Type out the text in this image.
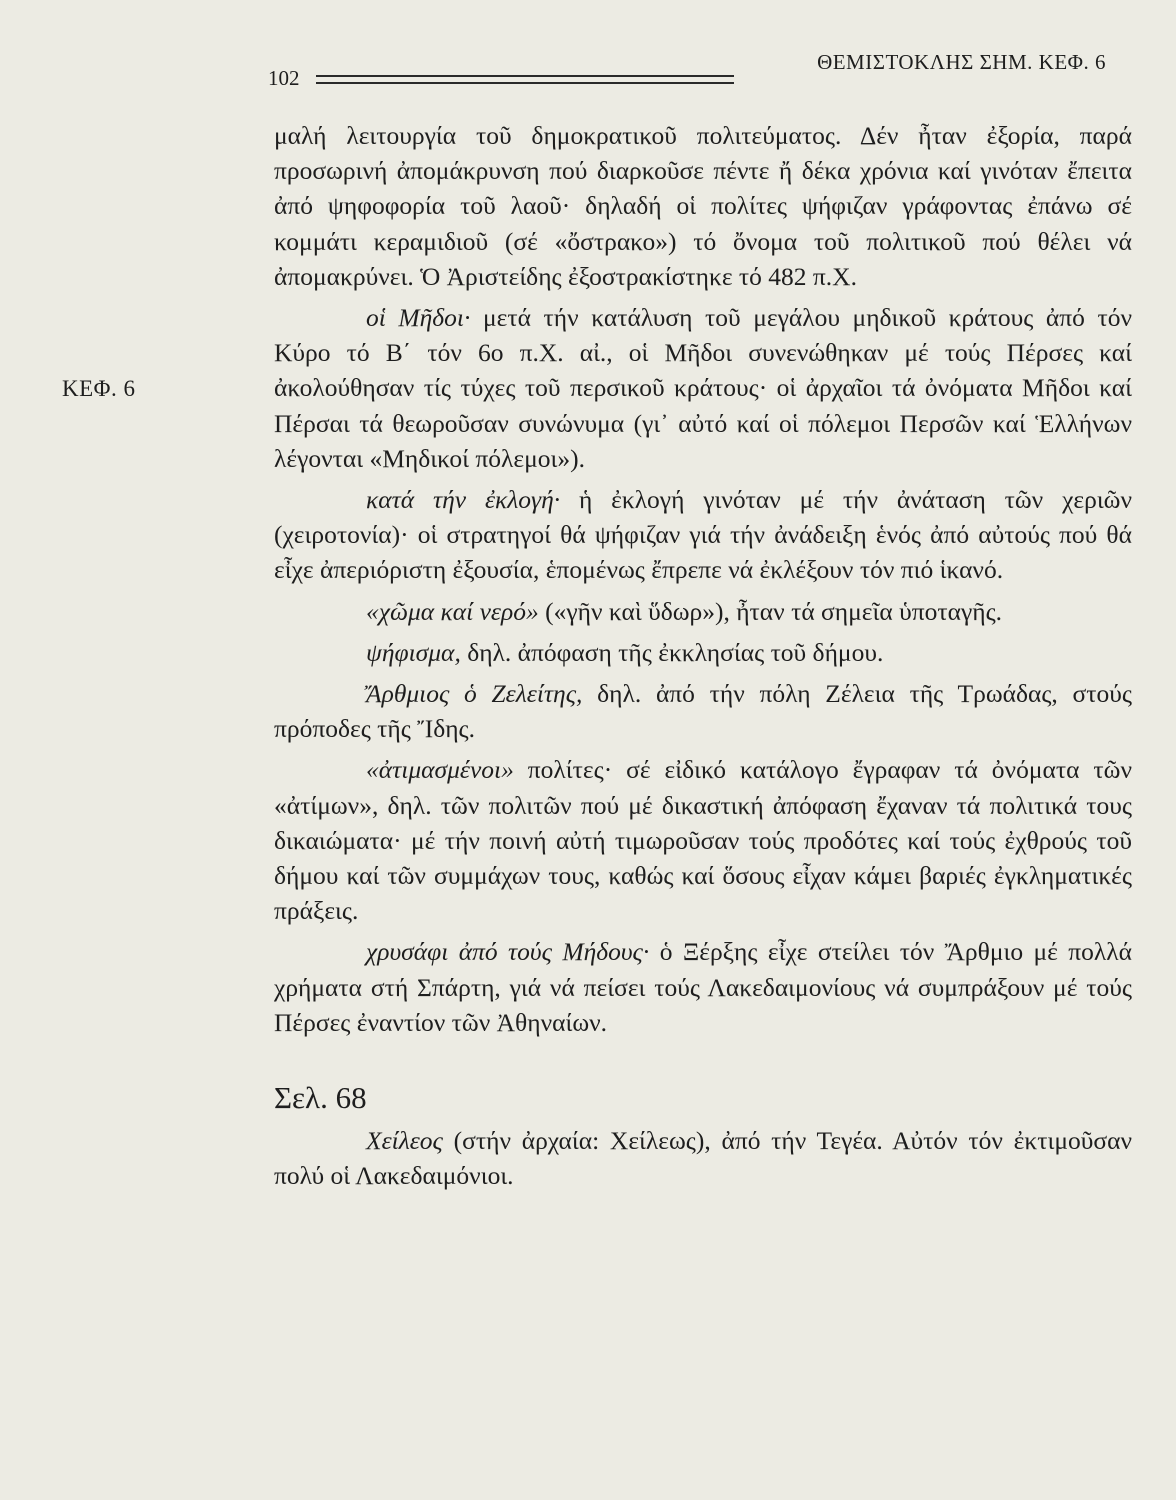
102
ΘΕΜΙΣΤΟΚΛΗΣ ΣΗΜ. ΚΕΦ. 6
ΚΕΦ. 6

μαλή λειτουργία τοῦ δημοκρατικοῦ πολιτεύματος. Δέν ἦταν ἐξορία, παρά προσωρινή ἀπομάκρυνση πού διαρκοῦσε πέντε ἤ δέκα χρόνια καί γινόταν ἔπειτα ἀπό ψηφοφορία τοῦ λαοῦ· δηλαδή οἱ πολίτες ψήφιζαν γράφοντας ἐπάνω σέ κομμάτι κεραμιδιοῦ (σέ «ὄστρακο») τό ὄνομα τοῦ πολιτικοῦ πού θέλει νά ἀπομακρύνει. Ὁ Ἀριστείδης ἐξοστρακίστηκε τό 482 π.Χ.

οἱ Μῆδοι· μετά τήν κατάλυση τοῦ μεγάλου μηδικοῦ κράτους ἀπό τόν Κύρο τό Β΄ τόν 6ο π.Χ. αἰ., οἱ Μῆδοι συνενώθηκαν μέ τούς Πέρσες καί ἀκολούθησαν τίς τύχες τοῦ περσικοῦ κράτους· οἱ ἀρχαῖοι τά ὀνόματα Μῆδοι καί Πέρσαι τά θεωροῦσαν συνώνυμα (γι᾽ αὐτό καί οἱ πόλεμοι Περσῶν καί Ἑλλήνων λέγονται «Μηδικοί πόλεμοι»).

κατά τήν ἐκλογή· ἡ ἐκλογή γινόταν μέ τήν ἀνάταση τῶν χεριῶν (χειροτονία)· οἱ στρατηγοί θά ψήφιζαν γιά τήν ἀνάδειξη ἑνός ἀπό αὐτούς πού θά εἶχε ἀπεριόριστη ἐξουσία, ἑπομένως ἔπρεπε νά ἐκλέξουν τόν πιό ἱκανό.

«χῶμα καί νερό» («γῆν καὶ ὕδωρ»), ἦταν τά σημεῖα ὑποταγῆς.

ψήφισμα, δηλ. ἀπόφαση τῆς ἐκκλησίας τοῦ δήμου.

Ἄρθμιος ὁ Ζελείτης, δηλ. ἀπό τήν πόλη Ζέλεια τῆς Τρωάδας, στούς πρόποδες τῆς Ἴδης.

«ἀτιμασμένοι» πολίτες· σέ εἰδικό κατάλογο ἔγραφαν τά ὀνόματα τῶν «ἀτίμων», δηλ. τῶν πολιτῶν πού μέ δικαστική ἀπόφαση ἔχαναν τά πολιτικά τους δικαιώματα· μέ τήν ποινή αὐτή τιμωροῦσαν τούς προδότες καί τούς ἐχθρούς τοῦ δήμου καί τῶν συμμάχων τους, καθώς καί ὅσους εἶχαν κάμει βαριές ἐγκληματικές πράξεις.

χρυσάφι ἀπό τούς Μήδους· ὁ Ξέρξης εἶχε στείλει τόν Ἄρθμιο μέ πολλά χρήματα στή Σπάρτη, γιά νά πείσει τούς Λακεδαιμονίους νά συμπράξουν μέ τούς Πέρσες ἐναντίον τῶν Ἀθηναίων.

Σελ. 68

Χείλεος (στήν ἀρχαία: Χείλεως), ἀπό τήν Τεγέα. Αὐτόν τόν ἐκτιμοῦσαν πολύ οἱ Λακεδαιμόνιοι.
